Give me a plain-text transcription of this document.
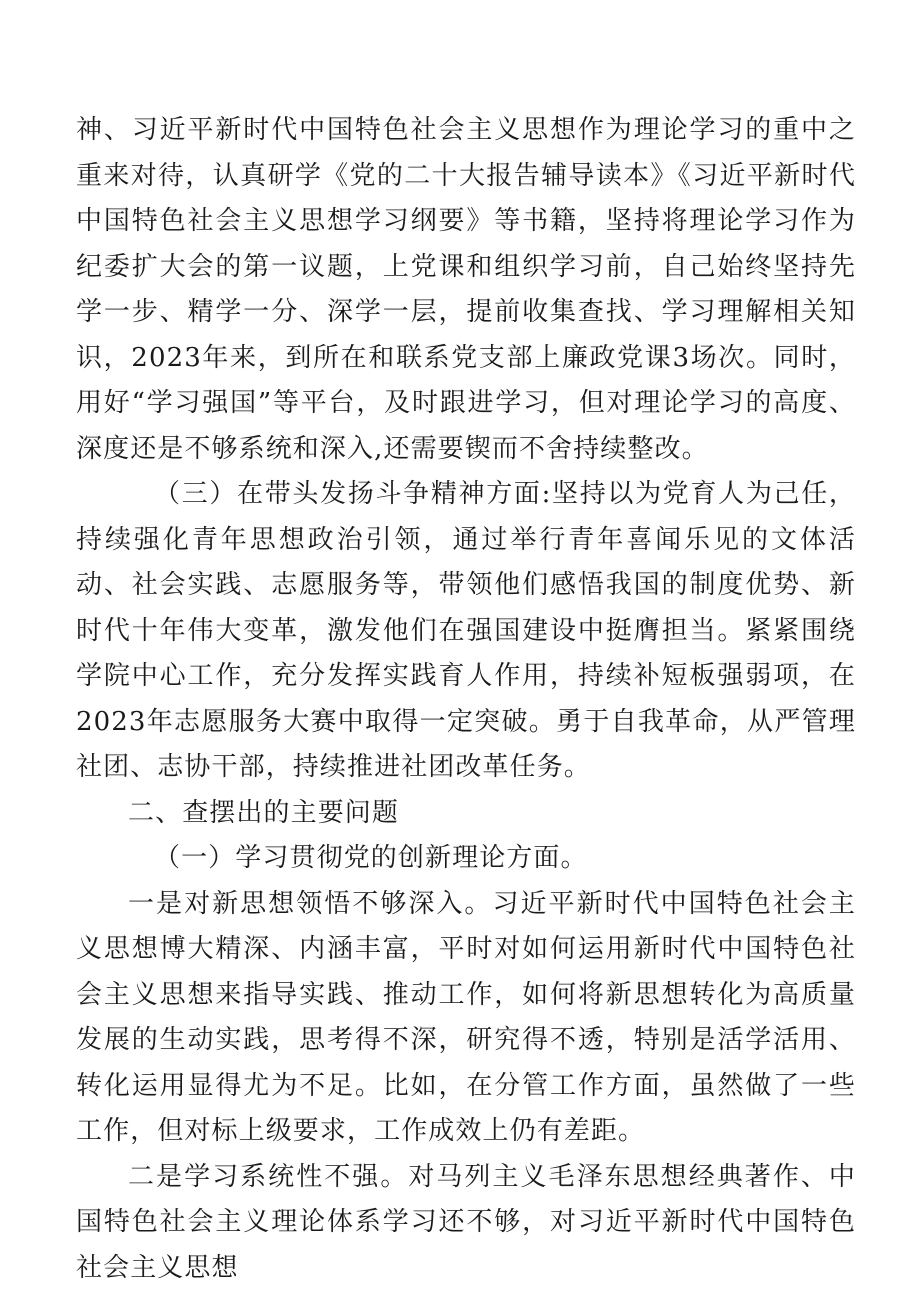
神、习近平新时代中国特色社会主义思想作为理论学习的重中之重来对待，认真研学《党的二十大报告辅导读本》《习近平新时代中国特色社会主义思想学习纲要》等书籍，坚持将理论学习作为纪委扩大会的第一议题，上党课和组织学习前，自己始终坚持先学一步、精学一分、深学一层，提前收集查找、学习理解相关知识，2023年来，到所在和联系党支部上廉政党课3场次。同时，用好“学习强国”等平台，及时跟进学习，但对理论学习的高度、深度还是不够系统和深入,还需要锲而不舍持续整改。

（三）在带头发扬斗争精神方面:坚持以为党育人为己任，持续强化青年思想政治引领，通过举行青年喜闻乐见的文体活动、社会实践、志愿服务等，带领他们感悟我国的制度优势、新时代十年伟大变革，激发他们在强国建设中挺膺担当。紧紧围绕学院中心工作，充分发挥实践育人作用，持续补短板强弱项，在2023年志愿服务大赛中取得一定突破。勇于自我革命，从严管理社团、志协干部，持续推进社团改革任务。

二、查摆出的主要问题

（一）学习贯彻党的创新理论方面。

一是对新思想领悟不够深入。习近平新时代中国特色社会主义思想博大精深、内涵丰富，平时对如何运用新时代中国特色社会主义思想来指导实践、推动工作，如何将新思想转化为高质量发展的生动实践，思考得不深，研究得不透，特别是活学活用、转化运用显得尤为不足。比如，在分管工作方面，虽然做了一些工作，但对标上级要求，工作成效上仍有差距。

二是学习系统性不强。对马列主义毛泽东思想经典著作、中国特色社会主义理论体系学习还不够，对习近平新时代中国特色社会主义思想
